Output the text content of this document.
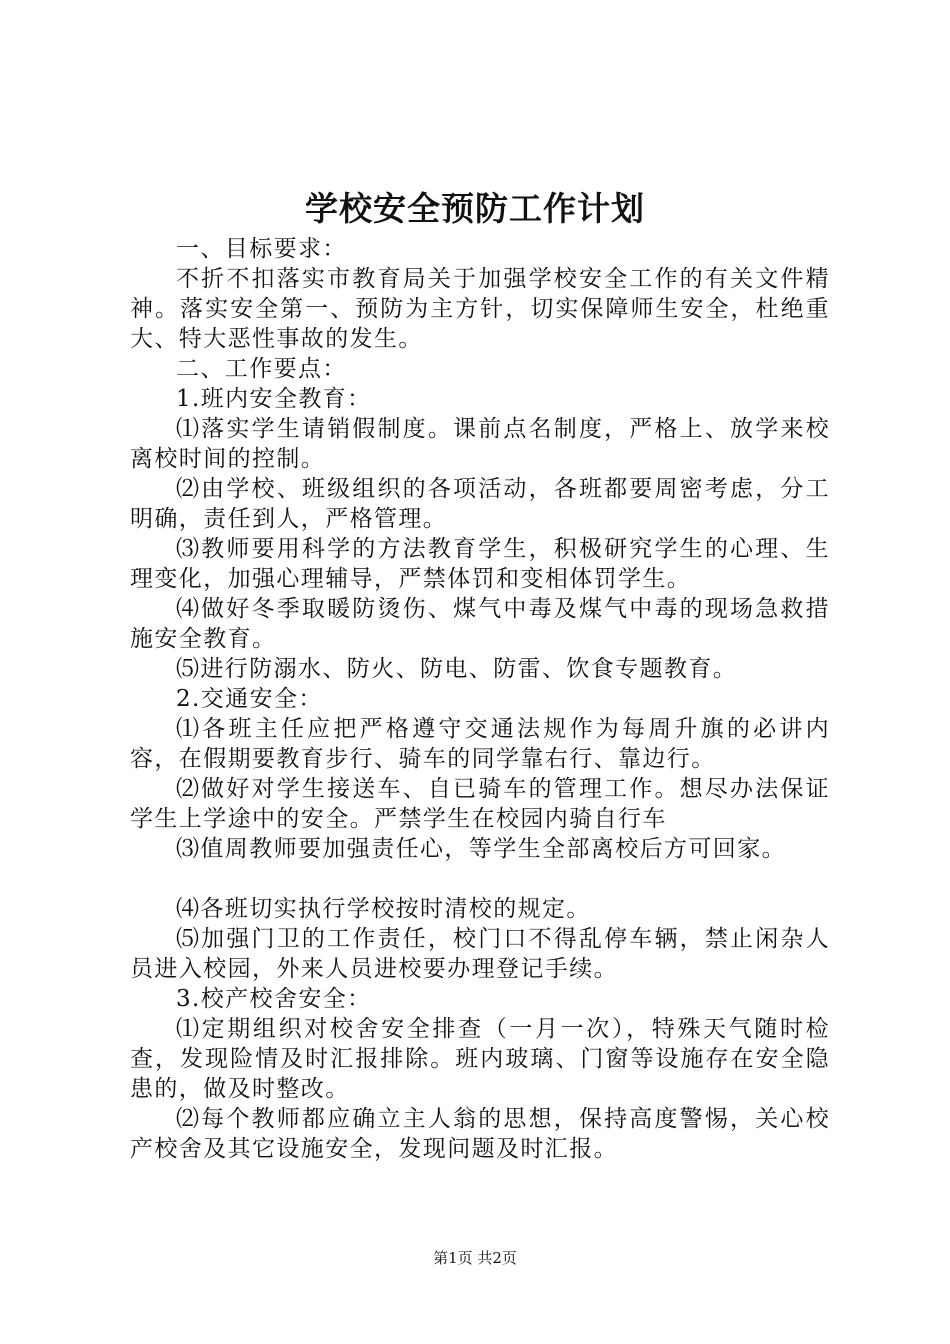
学校安全预防工作计划

一、目标要求：

不折不扣落实市教育局关于加强学校安全工作的有关文件精神。落实安全第一、预防为主方针，切实保障师生安全，杜绝重大、特大恶性事故的发生。

二、工作要点：

1.班内安全教育：

⑴落实学生请销假制度。课前点名制度，严格上、放学来校离校时间的控制。

⑵由学校、班级组织的各项活动，各班都要周密考虑，分工明确，责任到人，严格管理。

⑶教师要用科学的方法教育学生，积极研究学生的心理、生理变化，加强心理辅导，严禁体罚和变相体罚学生。

⑷做好冬季取暖防烫伤、煤气中毒及煤气中毒的现场急救措施安全教育。

⑸进行防溺水、防火、防电、防雷、饮食专题教育。

2.交通安全：

⑴各班主任应把严格遵守交通法规作为每周升旗的必讲内容，在假期要教育步行、骑车的同学靠右行、靠边行。

⑵做好对学生接送车、自已骑车的管理工作。想尽办法保证学生上学途中的安全。严禁学生在校园内骑自行车

⑶值周教师要加强责任心，等学生全部离校后方可回家。

⑷各班切实执行学校按时清校的规定。

⑸加强门卫的工作责任，校门口不得乱停车辆，禁止闲杂人员进入校园，外来人员进校要办理登记手续。

3.校产校舍安全：

⑴定期组织对校舍安全排查（一月一次），特殊天气随时检查，发现险情及时汇报排除。班内玻璃、门窗等设施存在安全隐患的，做及时整改。

⑵每个教师都应确立主人翁的思想，保持高度警惕，关心校产校舍及其它设施安全，发现问题及时汇报。

第1页 共2页
